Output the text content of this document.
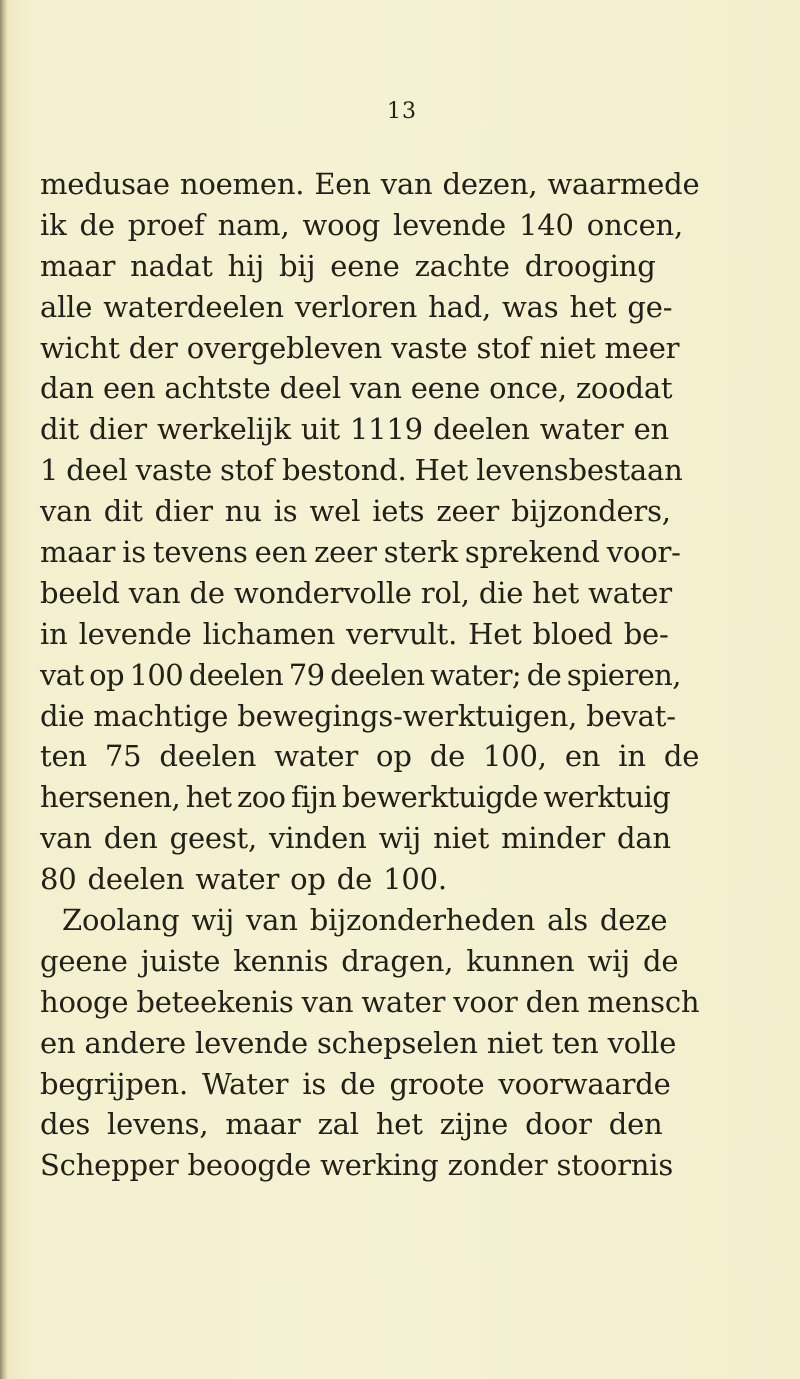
13
medusae noemen. Een van dezen, waarmede
ik de proef nam, woog levende 140 oncen,
maar nadat hij bij eene zachte drooging
alle waterdeelen verloren had, was het ge-
wicht der overgebleven vaste stof niet meer
dan een achtste deel van eene once, zoodat
dit dier werkelijk uit 1119 deelen water en
1 deel vaste stof bestond. Het levensbestaan
van dit dier nu is wel iets zeer bijzonders,
maar is tevens een zeer sterk sprekend voor-
beeld van de wondervolle rol, die het water
in levende lichamen vervult. Het bloed be-
vat op 100 deelen 79 deelen water; de spieren,
die machtige bewegings-werktuigen, bevat-
ten 75 deelen water op de 100, en in de
hersenen, het zoo fijn bewerktuigde werktuig
van den geest, vinden wij niet minder dan
80 deelen water op de 100.
Zoolang wij van bijzonderheden als deze
geene juiste kennis dragen, kunnen wij de
hooge beteekenis van water voor den mensch
en andere levende schepselen niet ten volle
begrijpen. Water is de groote voorwaarde
des levens, maar zal het zijne door den
Schepper beoogde werking zonder stoornis
